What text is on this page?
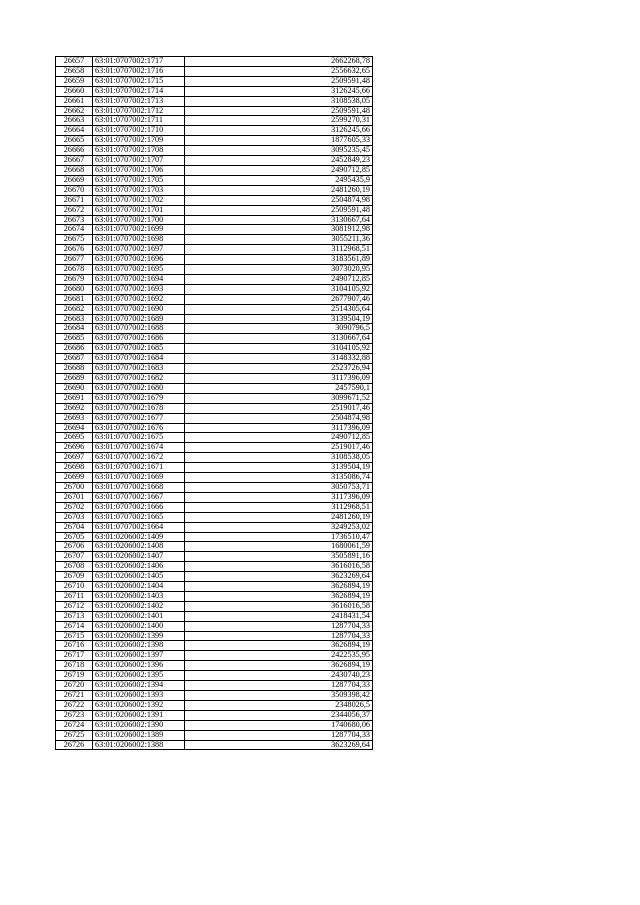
26657	63:01:0707002:1717	2662268,78
26658	63:01:0707002:1716	2556632,65
26659	63:01:0707002:1715	2509591,48
26660	63:01:0707002:1714	3126245,66
26661	63:01:0707002:1713	3108538,05
26662	63:01:0707002:1712	2509591,48
26663	63:01:0707002:1711	2599270,31
26664	63:01:0707002:1710	3126245,66
26665	63:01:0707002:1709	1877605,33
26666	63:01:0707002:1708	3095235,45
26667	63:01:0707002:1707	2452849,23
26668	63:01:0707002:1706	2490712,85
26669	63:01:0707002:1705	2495435,9
26670	63:01:0707002:1703	2481260,19
26671	63:01:0707002:1702	2504874,98
26672	63:01:0707002:1701	2509591,48
26673	63:01:0707002:1700	3130667,64
26674	63:01:0707002:1699	3081912,98
26675	63:01:0707002:1698	3055211,36
26676	63:01:0707002:1697	3112968,51
26677	63:01:0707002:1696	3183561,89
26678	63:01:0707002:1695	3073020,95
26679	63:01:0707002:1694	2490712,85
26680	63:01:0707002:1693	3104105,92
26681	63:01:0707002:1692	2677907,46
26682	63:01:0707002:1690	2514305,64
26683	63:01:0707002:1689	3139504,19
26684	63:01:0707002:1688	3090796,5
26685	63:01:0707002:1686	3130667,64
26686	63:01:0707002:1685	3104105,92
26687	63:01:0707002:1684	3148332,88
26688	63:01:0707002:1683	2523726,94
26689	63:01:0707002:1682	3117396,09
26690	63:01:0707002:1680	2457590,1
26691	63:01:0707002:1679	3099671,52
26692	63:01:0707002:1678	2519017,46
26693	63:01:0707002:1677	2504874,98
26694	63:01:0707002:1676	3117396,09
26695	63:01:0707002:1675	2490712,85
26696	63:01:0707002:1674	2519017,46
26697	63:01:0707002:1672	3108538,05
26698	63:01:0707002:1671	3139504,19
26699	63:01:0707002:1669	3135086,74
26700	63:01:0707002:1668	3050753,71
26701	63:01:0707002:1667	3117396,09
26702	63:01:0707002:1666	3112968,51
26703	63:01:0707002:1665	2481260,19
26704	63:01:0707002:1664	3249253,02
26705	63:01:0206002:1409	1736510,47
26706	63:01:0206002:1408	1680061,59
26707	63:01:0206002:1407	3505891,16
26708	63:01:0206002:1406	3616016,58
26709	63:01:0206002:1405	3623269,64
26710	63:01:0206002:1404	3626894,19
26711	63:01:0206002:1403	3626894,19
26712	63:01:0206002:1402	3616016,58
26713	63:01:0206002:1401	2418431,54
26714	63:01:0206002:1400	1287704,33
26715	63:01:0206002:1399	1287704,33
26716	63:01:0206002:1398	3626894,19
26717	63:01:0206002:1397	2422535,95
26718	63:01:0206002:1396	3626894,19
26719	63:01:0206002:1395	2430740,23
26720	63:01:0206002:1394	1287704,33
26721	63:01:0206002:1393	3509398,42
26722	63:01:0206002:1392	2348026,5
26723	63:01:0206002:1391	2344056,37
26724	63:01:0206002:1390	1740680,06
26725	63:01:0206002:1389	1287704,33
26726	63:01:0206002:1388	3623269,64
